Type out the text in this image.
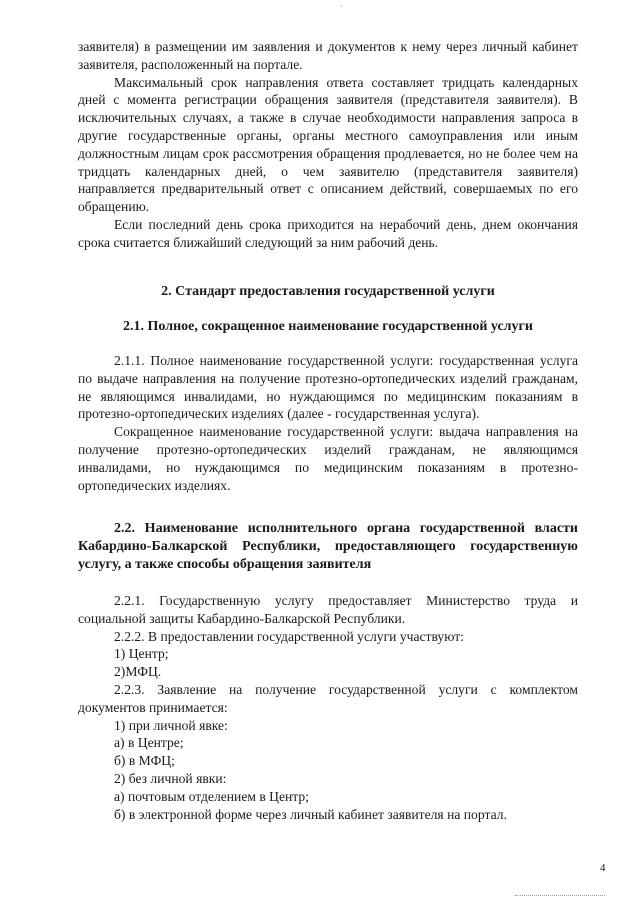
·

заявителя) в размещении им заявления и документов к нему через личный кабинет заявителя, расположенный на портале.

Максимальный срок направления ответа составляет тридцать календарных дней с момента регистрации обращения заявителя (представителя заявителя). В исключительных случаях, а также в случае необходимости направления запроса в другие государственные органы, органы местного самоуправления или иным должностным лицам срок рассмотрения обращения продлевается, но не более чем на тридцать календарных дней, о чем заявителю (представителя заявителя) направляется предварительный ответ с описанием действий, совершаемых по его обращению.

Если последний день срока приходится на нерабочий день, днем окончания срока считается ближайший следующий за ним рабочий день.

2. Стандарт предоставления государственной услуги
2.1. Полное, сокращенное наименование государственной услуги

2.1.1. Полное наименование государственной услуги: государственная услуга по выдаче направления на получение протезно-ортопедических изделий гражданам, не являющимся инвалидами, но нуждающимся по медицинским показаниям в протезно-ортопедических изделиях (далее - государственная услуга).

Сокращенное наименование государственной услуги: выдача направления на получение протезно-ортопедических изделий гражданам, не являющимся инвалидами, но нуждающимся по медицинским показаниям в протезно-ортопедических изделиях.

2.2. Наименование исполнительного органа государственной власти Кабардино-Балкарской Республики, предоставляющего государственную услугу, а также способы обращения заявителя

2.2.1. Государственную услугу предоставляет Министерство труда и социальной защиты Кабардино-Балкарской Республики.

2.2.2. В предоставлении государственной услуги участвуют:

1) Центр;

2)МФЦ.

2.2.3. Заявление на получение государственной услуги с комплектом документов принимается:

1) при личной явке:

а) в Центре;

б) в МФЦ;

2) без личной явки:

а) почтовым отделением в Центр;

б) в электронной форме через личный кабинет заявителя на портал.

4
